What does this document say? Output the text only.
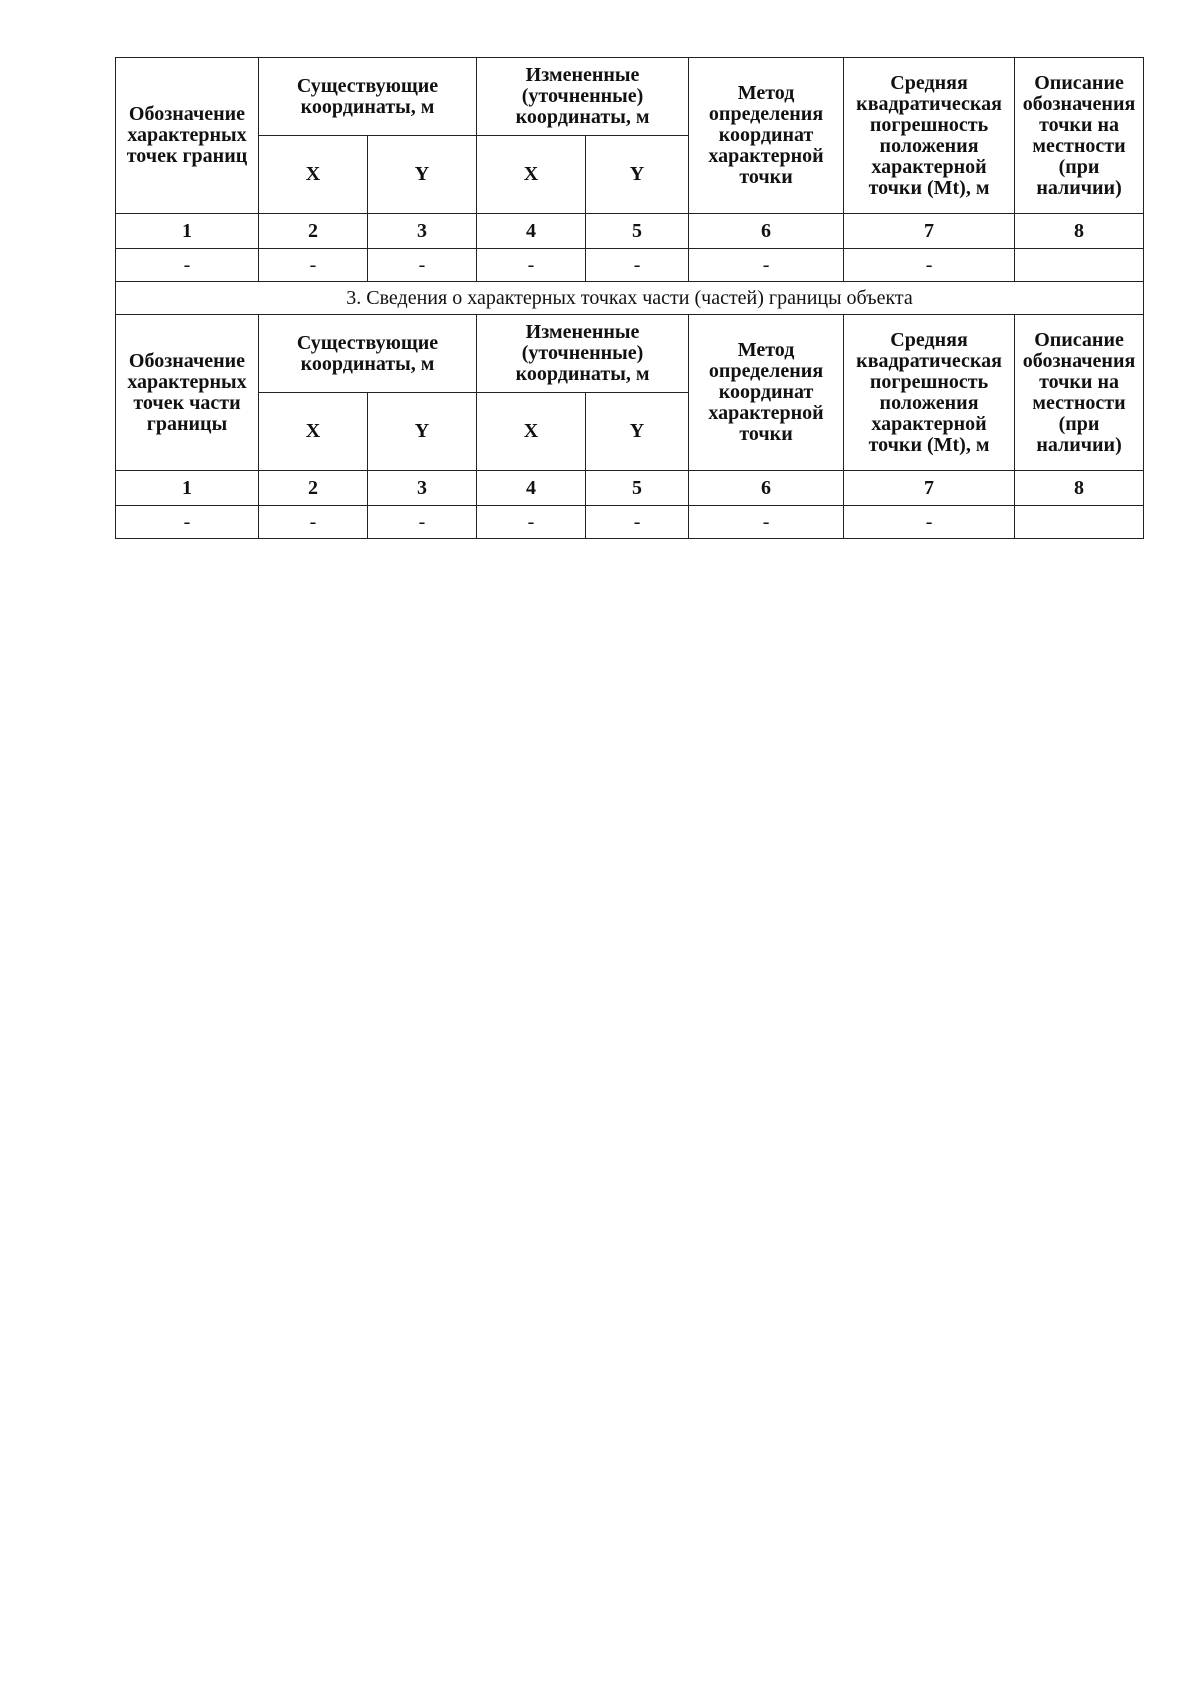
Обозначение характерных точек границ	Существующие координаты, м		Измененные (уточненные) координаты, м		Метод определения координат характерной точки	Средняя квадратическая погрешность положения характерной точки (Mt), м	Описание обозначения точки на местности (при наличии)
	X	Y	X	Y			
1	2	3	4	5	6	7	8
-	-	-	-	-	-	-	
3. Сведения о характерных точках части (частей) границы объекта							
Обозначение характерных точек части границы	Существующие координаты, м		Измененные (уточненные) координаты, м		Метод определения координат характерной точки	Средняя квадратическая погрешность положения характерной точки (Mt), м	Описание обозначения точки на местности (при наличии)
	X	Y	X	Y			
1	2	3	4	5	6	7	8
-	-	-	-	-	-	-	
